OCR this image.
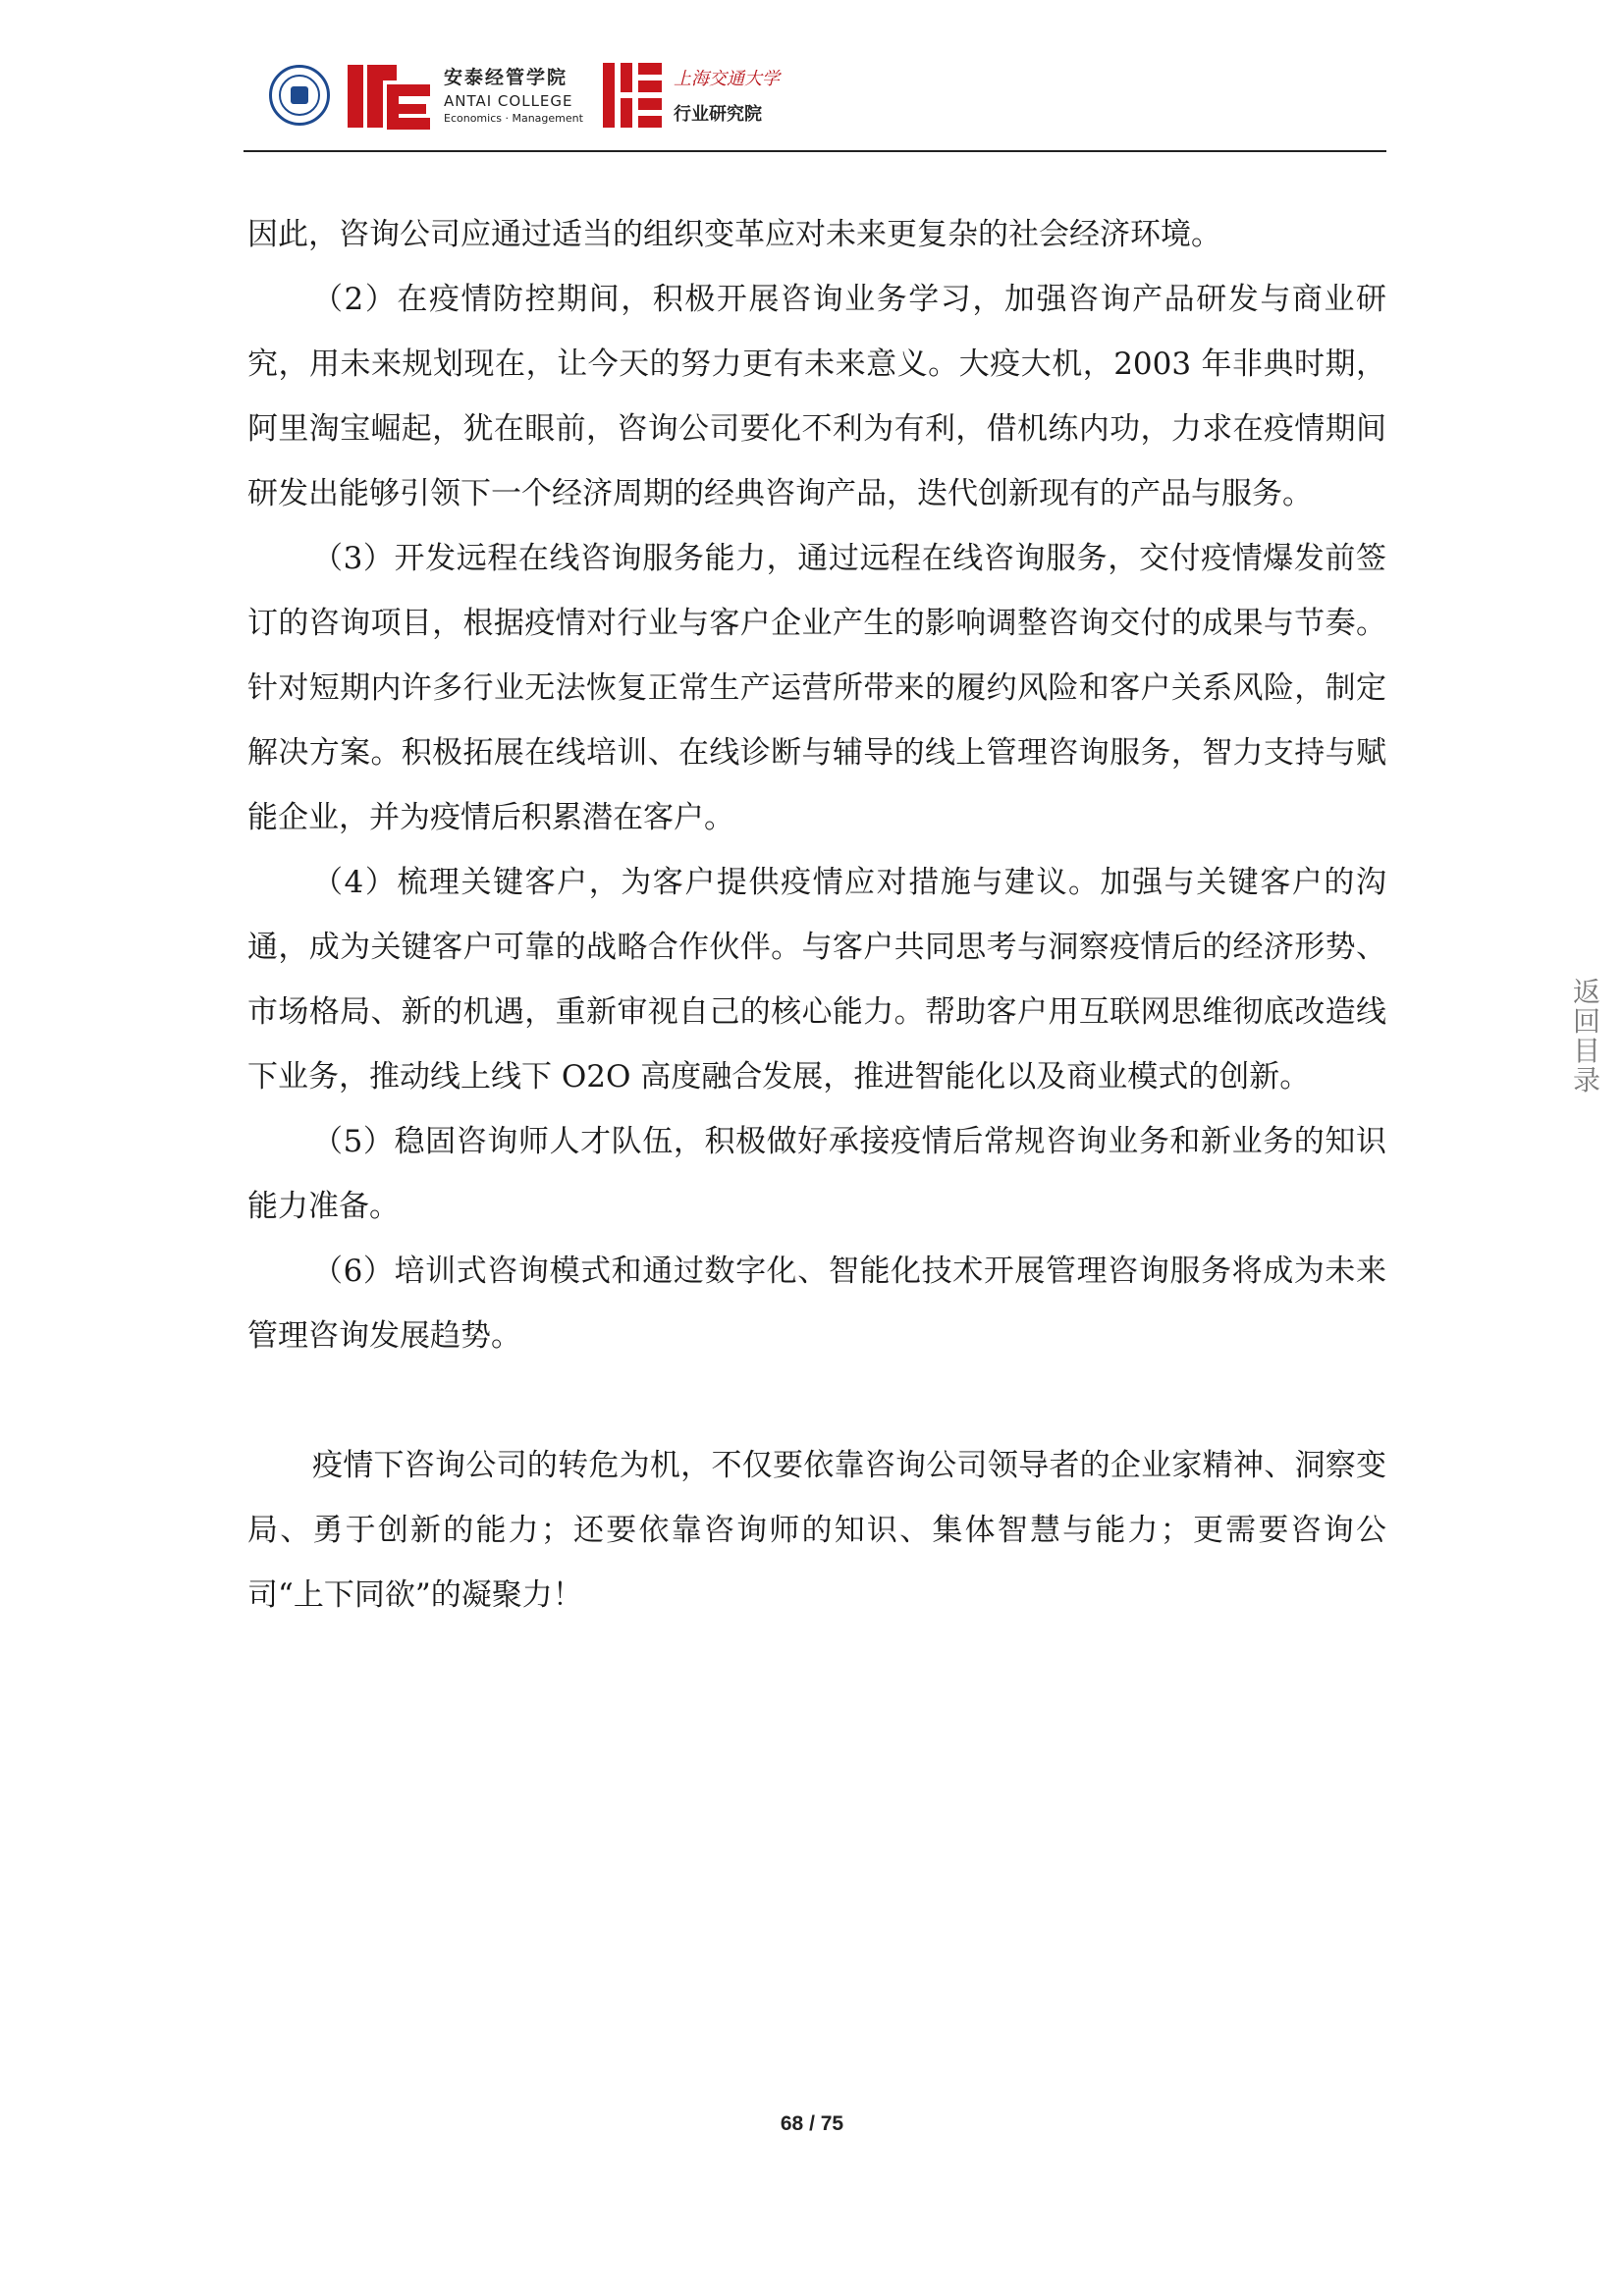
安泰经管学院
ANTAI COLLEGE
Economics · Management
上海交通大学
行业研究院

因此，咨询公司应通过适当的组织变革应对未来更复杂的社会经济环境。

（2）在疫情防控期间，积极开展咨询业务学习，加强咨询产品研发与商业研究，用未来规划现在，让今天的努力更有未来意义。大疫大机，2003 年非典时期，阿里淘宝崛起，犹在眼前，咨询公司要化不利为有利，借机练内功，力求在疫情期间研发出能够引领下一个经济周期的经典咨询产品，迭代创新现有的产品与服务。

（3）开发远程在线咨询服务能力，通过远程在线咨询服务，交付疫情爆发前签订的咨询项目，根据疫情对行业与客户企业产生的影响调整咨询交付的成果与节奏。针对短期内许多行业无法恢复正常生产运营所带来的履约风险和客户关系风险，制定解决方案。积极拓展在线培训、在线诊断与辅导的线上管理咨询服务，智力支持与赋能企业，并为疫情后积累潜在客户。

（4）梳理关键客户，为客户提供疫情应对措施与建议。加强与关键客户的沟通，成为关键客户可靠的战略合作伙伴。与客户共同思考与洞察疫情后的经济形势、市场格局、新的机遇，重新审视自己的核心能力。帮助客户用互联网思维彻底改造线下业务，推动线上线下 O2O 高度融合发展，推进智能化以及商业模式的创新。

（5）稳固咨询师人才队伍，积极做好承接疫情后常规咨询业务和新业务的知识能力准备。

（6）培训式咨询模式和通过数字化、智能化技术开展管理咨询服务将成为未来管理咨询发展趋势。

疫情下咨询公司的转危为机，不仅要依靠咨询公司领导者的企业家精神、洞察变局、勇于创新的能力；还要依靠咨询师的知识、集体智慧与能力；更需要咨询公司“上下同欲”的凝聚力！

返
回
目
录
68 / 75
